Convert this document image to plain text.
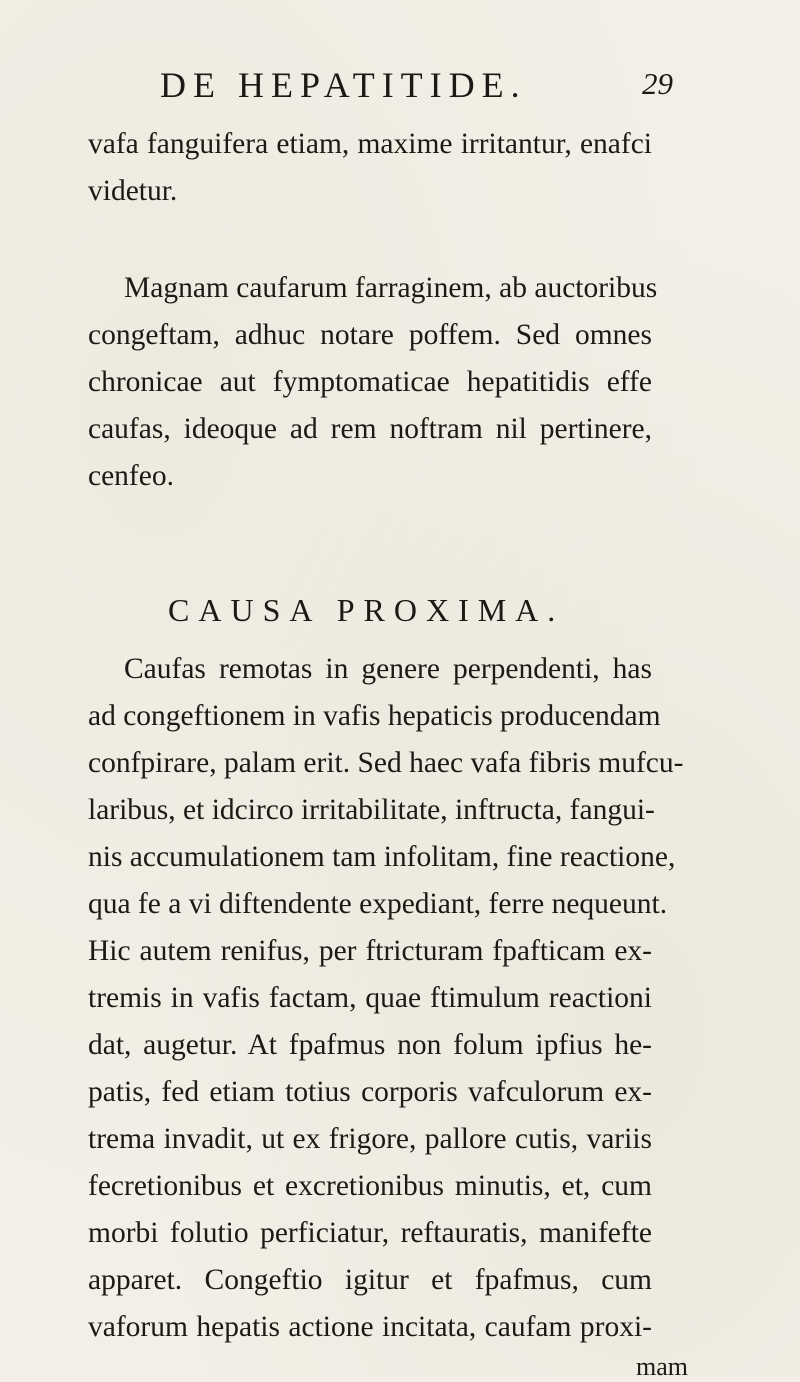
DE HEPATITIDE.	29
vafa fanguifera etiam, maxime irritantur, enafci
videtur.
Magnam caufarum farraginem, ab auctoribus
congeftam, adhuc notare poffem. Sed omnes
chronicae aut fymptomaticae hepatitidis effe
caufas, ideoque ad rem noftram nil pertinere,
cenfeo.
CAUSA PROXIMA.
Caufas remotas in genere perpendenti, has
ad congeftionem in vafis hepaticis producendam
confpirare, palam erit. Sed haec vafa fibris mufcu-
laribus, et idcirco irritabilitate, inftructa, fangui-
nis accumulationem tam infolitam, fine reactione,
qua fe a vi diftendente expediant, ferre nequeunt.
Hic autem renifus, per ftricturam fpafticam ex-
tremis in vafis factam, quae ftimulum reactioni
dat, augetur. At fpafmus non folum ipfius he-
patis, fed etiam totius corporis vafculorum ex-
trema invadit, ut ex frigore, pallore cutis, variis
fecretionibus et excretionibus minutis, et, cum
morbi folutio perficiatur, reftauratis, manifefte
apparet. Congeftio igitur et fpafmus, cum
vaforum hepatis actione incitata, caufam proxi-
mam
